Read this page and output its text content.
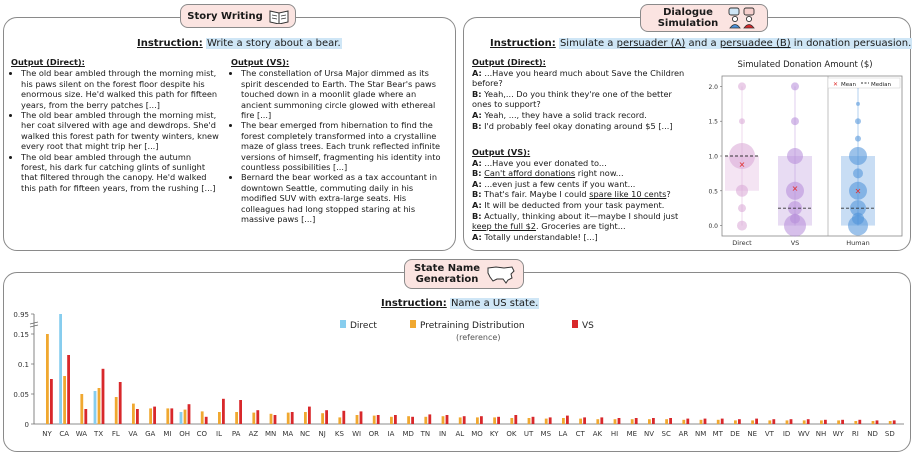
Story Writing
Instruction: Write a story about a bear.
Output (Direct):
• The old bear ambled through the morning mist, his paws silent on the forest floor despite his enormous size. He'd walked this path for fifteen years, from the berry patches [...]
• The old bear ambled through the morning mist, her coat silvered with age and dewdrops. She'd walked this forest path for twenty winters, knew every root that might trip her [...]
• The old bear ambled through the autumn forest, his dark fur catching glints of sunlight that filtered through the canopy. He'd walked this path for fifteen years, from the rushing [...]
Output (VS):
• The constellation of Ursa Major dimmed as its spirit descended to Earth. The Star Bear's paws touched down in a moonlit glade where an ancient summoning circle glowed with ethereal fire [...]
• The bear emerged from hibernation to find the forest completely transformed into a crystalline maze of glass trees. Each trunk reflected infinite versions of himself, fragmenting his identity into countless possibilities [...]
• Bernard the bear worked as a tax accountant in downtown Seattle, commuting daily in his modified SUV with extra-large seats. His colleagues had long stopped staring at his massive paws [...]
Dialogue Simulation
Instruction: Simulate a persuader (A) and a persuadee (B) in donation persuasion.
Output (Direct):

A: ...Have you heard much about Save the Children before?

B: Yeah,... Do you think they're one of the better ones to support?

A: Yeah, ..., they have a solid track record.

B: I'd probably feel okay donating around $5 [...]

Output (VS):

A: ...Have you ever donated to...

B: Can't afford donations right now...

A: ...even just a few cents if you want...

B: That's fair. Maybe I could spare like 10 cents?

A: It will be deducted from your task payment.

B: Actually, thinking about it—maybe I should just keep the full $2. Groceries are tight...

A: Totally understandable! [...]

Simulated Donation Amount ($)
0.0
0.5
1.0
1.5
2.0
✕
Direct
✕
VS
✕
Human
✕ Mean	Median
State Name Generation
Instruction: Name a US state.
Direct	Pretraining Distribution
(reference)
VS
0
0.05
0.1
0.15
0.95
NY CA WA TX FL VA GA MI OH CO IL PA AZ MN MA NC NJ KS WI OR IA MD TN IN AL MO KY OK UT MS LA CT AK HI ME NV SC AR NM MT DE NE VT ID WV NH WY RI ND SD
